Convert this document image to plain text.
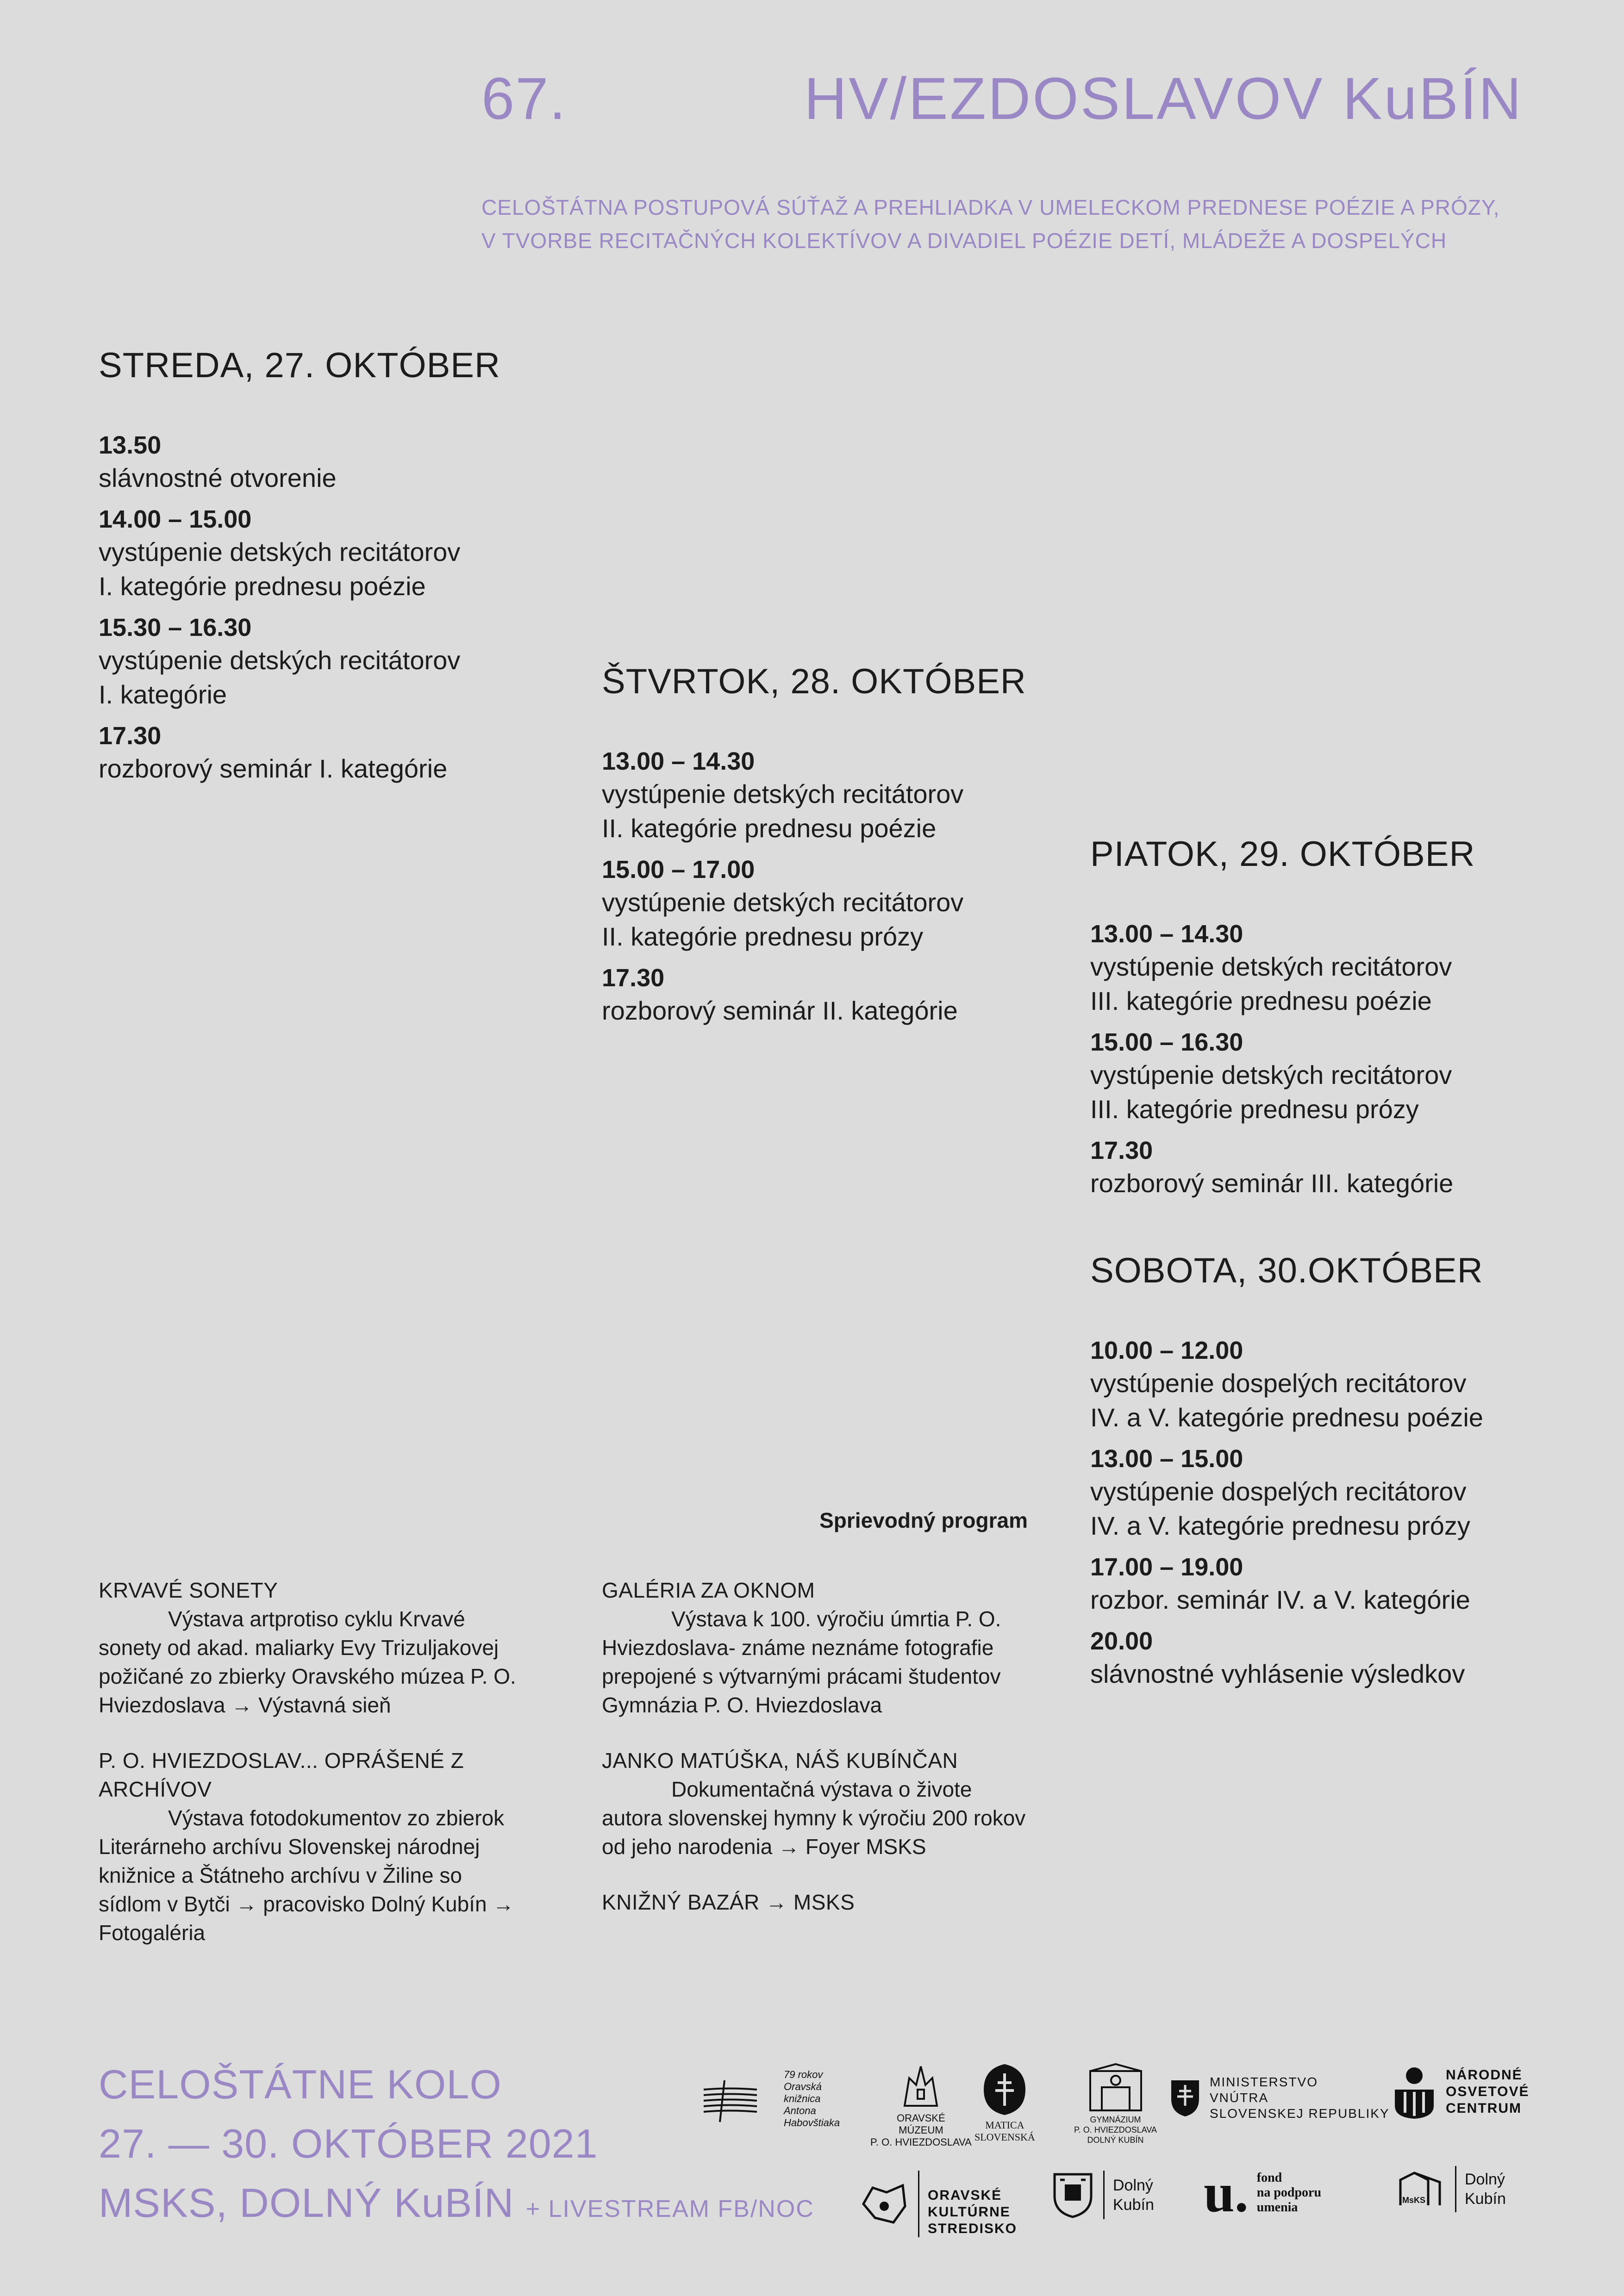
67.	HV/EZDOSLAVOV KuBÍN
CELOŠTÁTNA POSTUPOVÁ SÚŤAŽ A PREHLIADKA V UMELECKOM PREDNESE POÉZIE A PRÓZY,
V TVORBE RECITAČNÝCH KOLEKTÍVOV A DIVADIEL POÉZIE DETÍ, MLÁDEŽE A DOSPELÝCH
STREDA, 27. OKTÓBER
13.50
slávnostné otvorenie
14.00 – 15.00
vystúpenie detských recitátorov
I. kategórie prednesu poézie
15.30 – 16.30
vystúpenie detských recitátorov
I. kategórie
17.30
rozborový seminár I. kategórie
ŠTVRTOK, 28. OKTÓBER
13.00 – 14.30
vystúpenie detských recitátorov
II. kategórie prednesu poézie
15.00 – 17.00
vystúpenie detských recitátorov
II. kategórie prednesu prózy
17.30
rozborový seminár II. kategórie
PIATOK, 29. OKTÓBER
13.00 – 14.30
vystúpenie detských recitátorov
III. kategórie prednesu poézie
15.00 – 16.30
vystúpenie detských recitátorov
III. kategórie prednesu prózy
17.30
rozborový seminár III. kategórie
SOBOTA, 30.OKTÓBER
10.00 – 12.00
vystúpenie dospelých recitátorov
IV. a V. kategórie prednesu poézie
13.00 – 15.00
vystúpenie dospelých recitátorov
IV. a V. kategórie prednesu prózy
17.00 – 19.00
rozbor. seminár IV. a V. kategórie
20.00
slávnostné vyhlásenie výsledkov
Sprievodný program
KRVAVÉ SONETY
Výstava artprotiso cyklu Krvavé sonety od akad. maliarky Evy Trizuljakovej požičané zo zbierky Oravského múzea P. O. Hviezdoslava → Výstavná sieň
P. O. HVIEZDOSLAV... OPRÁŠENÉ Z ARCHÍVOV
Výstava fotodokumentov zo zbierok Literárneho archívu Slovenskej národnej knižnice a Štátneho archívu v Žiline so sídlom v Bytči → pracovisko Dolný Kubín → Fotogaléria
GALÉRIA ZA OKNOM
Výstava k 100. výročiu úmrtia P. O. Hviezdoslava- známe neznáme fotografie prepojené s výtvarnými prácami študentov Gymnázia P. O. Hviezdoslava
JANKO MATÚŠKA, NÁŠ KUBÍNČAN
Dokumentačná výstava o živote autora slovenskej hymny k výročiu 200 rokov od jeho narodenia → Foyer MSKS
KNIŽNÝ BAZÁR → MSKS
CELOŠTÁTNE KOLO
27. — 30. OKTÓBER 2021
MSKS, DOLNÝ KuBÍN + LIVESTREAM FB/NOC
79 rokov
Oravská
knižnica
Antona
Habovštiaka	ORAVSKÉ
MÚZEUM
P. O. HVIEZDOSLAVA
MATICA
SLOVENSKÁ
GYMNÁZIUM
P. O. HVIEZDOSLAVA
DOLNÝ KUBÍN
MINISTERSTVO
VNÚTRA
SLOVENSKEJ REPUBLIKY
NÁRODNÉ
OSVETOVÉ
CENTRUM

ORAVSKÉ
KULTÚRNE
STREDISKO

Dolný
Kubín u. fond
na podporu
umenia	MsKS
Dolný
Kubín
